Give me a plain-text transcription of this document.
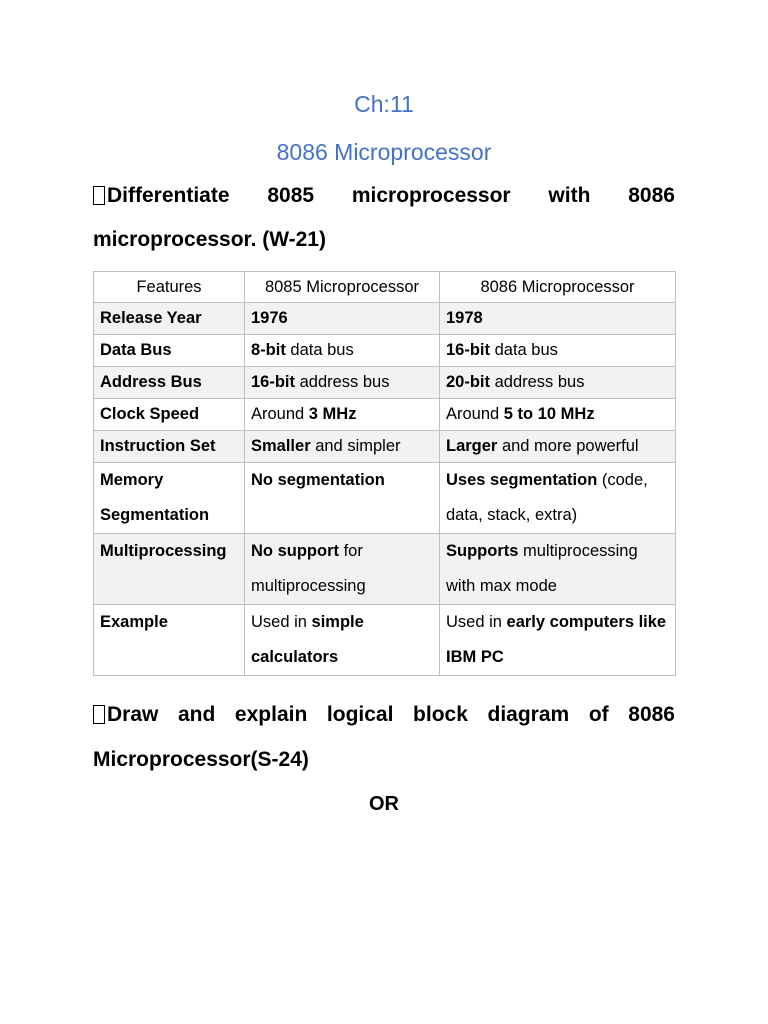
Ch:11
8086 Microprocessor
Differentiate 8085 microprocessor with 8086
microprocessor. (W-21)
Features	8085 Microprocessor	8086 Microprocessor
Release Year	1976	1978
Data Bus	8-bit data bus	16-bit data bus
Address Bus	16-bit address bus	20-bit address bus
Clock Speed	Around 3 MHz	Around 5 to 10 MHz
Instruction Set	Smaller and simpler	Larger and more powerful
Memory Segmentation	No segmentation	Uses segmentation (code, data, stack, extra)
Multiprocessing	No support for multiprocessing	Supports multiprocessing with max mode
Example	Used in simple calculators	Used in early computers like IBM PC
Draw and explain logical block diagram of 8086
Microprocessor(S-24)
OR
